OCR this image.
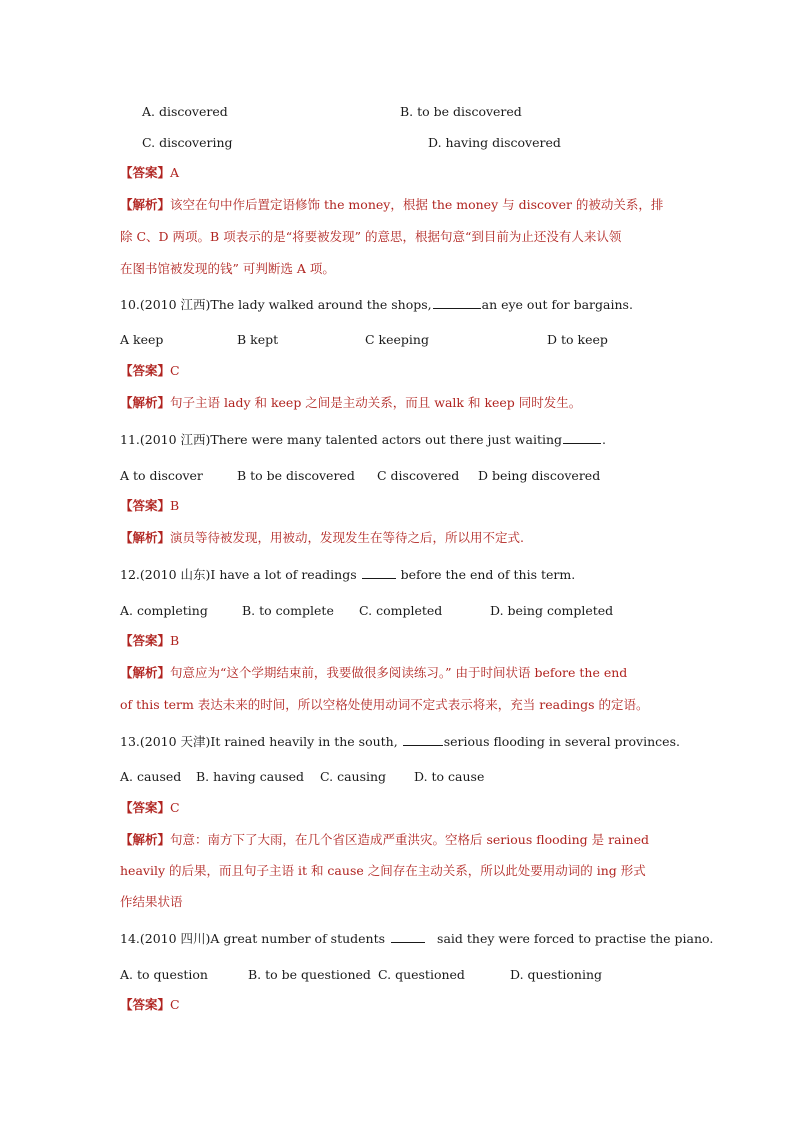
A. discovered	B. to be discovered
C. discovering	D. having discovered
【答案】A
【解析】该空在句中作后置定语修饰 the money，根据 the money 与 discover 的被动关系，排
除 C、D 两项。B 项表示的是“将要被发现” 的意思，根据句意“到目前为止还没有人来认领
在图书馆被发现的钱” 可判断选 A 项。
10.(2010 江西)The lady walked around the shops,	an eye out for bargains.
A keep	B kept	C keeping	D to keep
【答案】C
【解析】句子主语 lady 和 keep 之间是主动关系，而且 walk 和 keep 同时发生。
11.(2010 江西)There were many talented actors out there just waiting	.
A to discover	B to be discovered C discovered D being discovered
【答案】B
【解析】演员等待被发现，用被动，发现发生在等待之后，所以用不定式.
12.(2010 山东)I have a lot of readings	before the end of this term.
A. completing	B. to complete C. completed	D. being completed
【答案】B
【解析】句意应为“这个学期结束前，我要做很多阅读练习。” 由于时间状语 before the end
of this term 表达未来的时间，所以空格处使用动词不定式表示将来，充当 readings 的定语。
13.(2010 天津)It rained heavily in the south,	serious flooding in several provinces.
A. caused B. having caused C. causing D. to cause
【答案】C
【解析】句意：南方下了大雨，在几个省区造成严重洪灾。空格后 serious flooding 是 rained
heavily 的后果，而且句子主语 it 和 cause 之间存在主动关系，所以此处要用动词的 ing 形式
作结果状语
14.(2010 四川)A great number of students	said they were forced to practise the piano.
A. to question	B. to be questioned C. questioned	D. questioning
【答案】C
